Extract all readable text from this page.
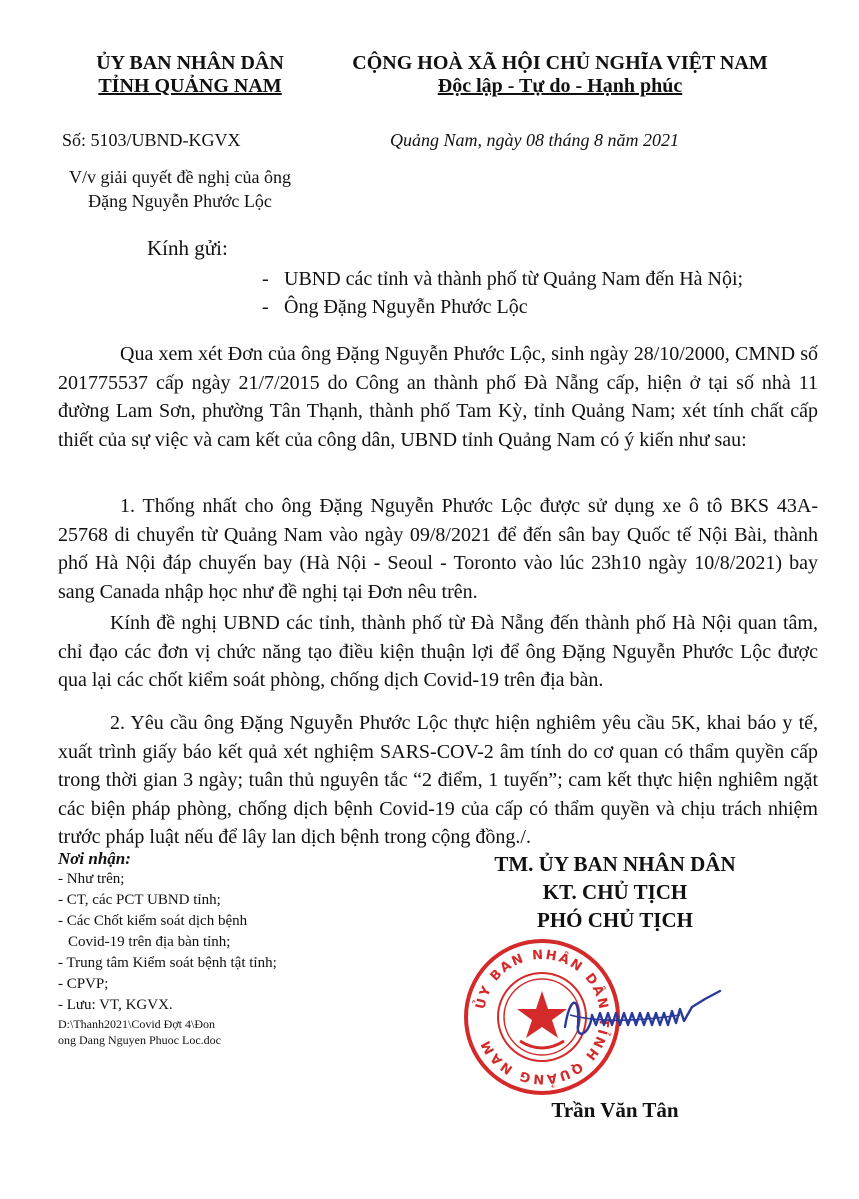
ỦY BAN NHÂN DÂN
TỈNH QUẢNG NAM
CỘNG HOÀ XÃ HỘI CHỦ NGHĨA VIỆT NAM
Độc lập - Tự do - Hạnh phúc
Số: 5103/UBND-KGVX	Quảng Nam, ngày 08 tháng 8 năm 2021
V/v giải quyết đề nghị của ông
Đặng Nguyễn Phước Lộc
Kính gửi:
- UBND các tỉnh và thành phố từ Quảng Nam đến Hà Nội;
- Ông Đặng Nguyễn Phước Lộc
Qua xem xét Đơn của ông Đặng Nguyễn Phước Lộc, sinh ngày 28/10/2000, CMND số 201775537 cấp ngày 21/7/2015 do Công an thành phố Đà Nẵng cấp, hiện ở tại số nhà 11 đường Lam Sơn, phường Tân Thạnh, thành phố Tam Kỳ, tỉnh Quảng Nam; xét tính chất cấp thiết của sự việc và cam kết của công dân, UBND tỉnh Quảng Nam có ý kiến như sau:
1. Thống nhất cho ông Đặng Nguyễn Phước Lộc được sử dụng xe ô tô BKS 43A- 25768 di chuyển từ Quảng Nam vào ngày 09/8/2021 để đến sân bay Quốc tế Nội Bài, thành phố Hà Nội đáp chuyến bay (Hà Nội - Seoul - Toronto vào lúc 23h10 ngày 10/8/2021) bay sang Canada nhập học như đề nghị tại Đơn nêu trên.
Kính đề nghị UBND các tỉnh, thành phố từ Đà Nẵng đến thành phố Hà Nội quan tâm, chỉ đạo các đơn vị chức năng tạo điều kiện thuận lợi để ông Đặng Nguyễn Phước Lộc được qua lại các chốt kiểm soát phòng, chống dịch Covid-19 trên địa bàn.
2. Yêu cầu ông Đặng Nguyễn Phước Lộc thực hiện nghiêm yêu cầu 5K, khai báo y tế, xuất trình giấy báo kết quả xét nghiệm SARS-COV-2 âm tính do cơ quan có thẩm quyền cấp trong thời gian 3 ngày; tuân thủ nguyên tắc “2 điểm, 1 tuyến”; cam kết thực hiện nghiêm ngặt các biện pháp phòng, chống dịch bệnh Covid-19 của cấp có thẩm quyền và chịu trách nhiệm trước pháp luật nếu để lây lan dịch bệnh trong cộng đồng./.
Nơi nhận:
- Như trên;
- CT, các PCT UBND tỉnh;
- Các Chốt kiểm soát dịch bệnh
Covid-19 trên địa bàn tỉnh;
- Trung tâm Kiểm soát bệnh tật tỉnh;
- CPVP;
- Lưu: VT, KGVX.
D:\Thanh2021\Covid Đợt 4\Đon
ong Dang Nguyen Phuoc Loc.doc
TM. ỦY BAN NHÂN DÂN
KT. CHỦ TỊCH
PHÓ CHỦ TỊCH
ỦY BAN NHÂN DÂN TỈNH QUẢNG NAM
Trần Văn Tân
